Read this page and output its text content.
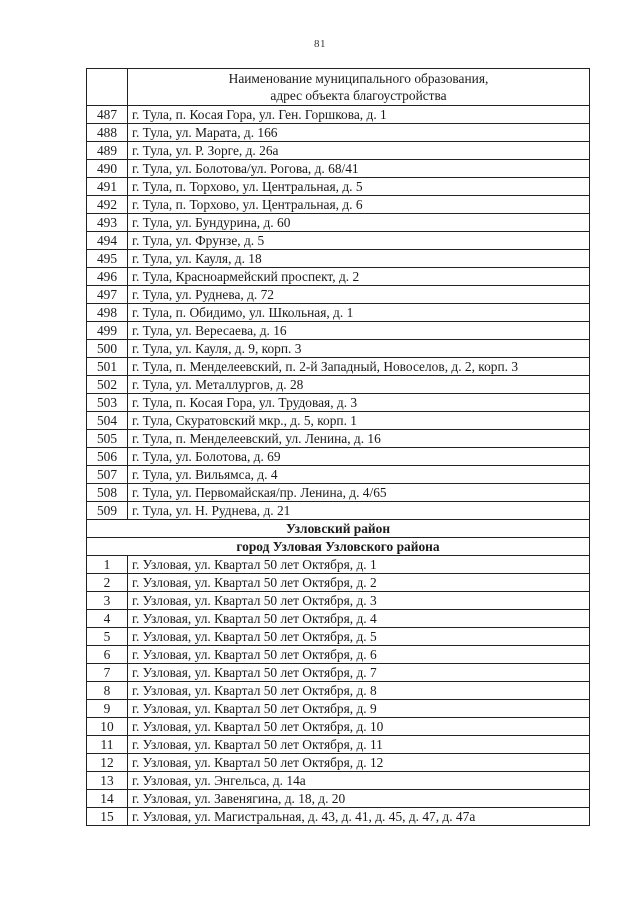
81

	Наименование муниципального образования,
адрес объекта благоустройства

487	г. Тула, п. Косая Гора, ул. Ген. Горшкова, д. 1
488	г. Тула, ул. Марата, д. 166
489	г. Тула, ул. Р. Зорге, д. 26а
490	г. Тула, ул. Болотова/ул. Рогова, д. 68/41
491	г. Тула, п. Торхово, ул. Центральная, д. 5
492	г. Тула, п. Торхово, ул. Центральная, д. 6
493	г. Тула, ул. Бундурина, д. 60
494	г. Тула, ул. Фрунзе, д. 5
495	г. Тула, ул. Кауля, д. 18
496	г. Тула, Красноармейский проспект, д. 2
497	г. Тула, ул. Руднева, д. 72
498	г. Тула, п. Обидимо, ул. Школьная, д. 1
499	г. Тула, ул. Вересаева, д. 16
500	г. Тула, ул. Кауля, д. 9, корп. 3
501	г. Тула, п. Менделеевский, п. 2-й Западный, Новоселов, д. 2, корп. 3
502	г. Тула, ул. Металлургов, д. 28
503	г. Тула, п. Косая Гора, ул. Трудовая, д. 3
504	г. Тула, Скуратовский мкр., д. 5, корп. 1
505	г. Тула, п. Менделеевский, ул. Ленина, д. 16
506	г. Тула, ул. Болотова, д. 69
507	г. Тула, ул. Вильямса, д. 4
508	г. Тула, ул. Первомайская/пр. Ленина, д. 4/65
509	г. Тула, ул. Н. Руднева, д. 21
Узловский район	
город Узловая Узловского района	
1	г. Узловая, ул. Квартал 50 лет Октября, д. 1
2	г. Узловая, ул. Квартал 50 лет Октября, д. 2
3	г. Узловая, ул. Квартал 50 лет Октября, д. 3
4	г. Узловая, ул. Квартал 50 лет Октября, д. 4
5	г. Узловая, ул. Квартал 50 лет Октября, д. 5
6	г. Узловая, ул. Квартал 50 лет Октября, д. 6
7	г. Узловая, ул. Квартал 50 лет Октября, д. 7
8	г. Узловая, ул. Квартал 50 лет Октября, д. 8
9	г. Узловая, ул. Квартал 50 лет Октября, д. 9
10	г. Узловая, ул. Квартал 50 лет Октября, д. 10
11	г. Узловая, ул. Квартал 50 лет Октября, д. 11
12	г. Узловая, ул. Квартал 50 лет Октября, д. 12
13	г. Узловая, ул. Энгельса, д. 14а
14	г. Узловая, ул. Завенягина, д. 18, д. 20
15	г. Узловая, ул. Магистральная, д. 43, д. 41, д. 45, д. 47, д. 47а
